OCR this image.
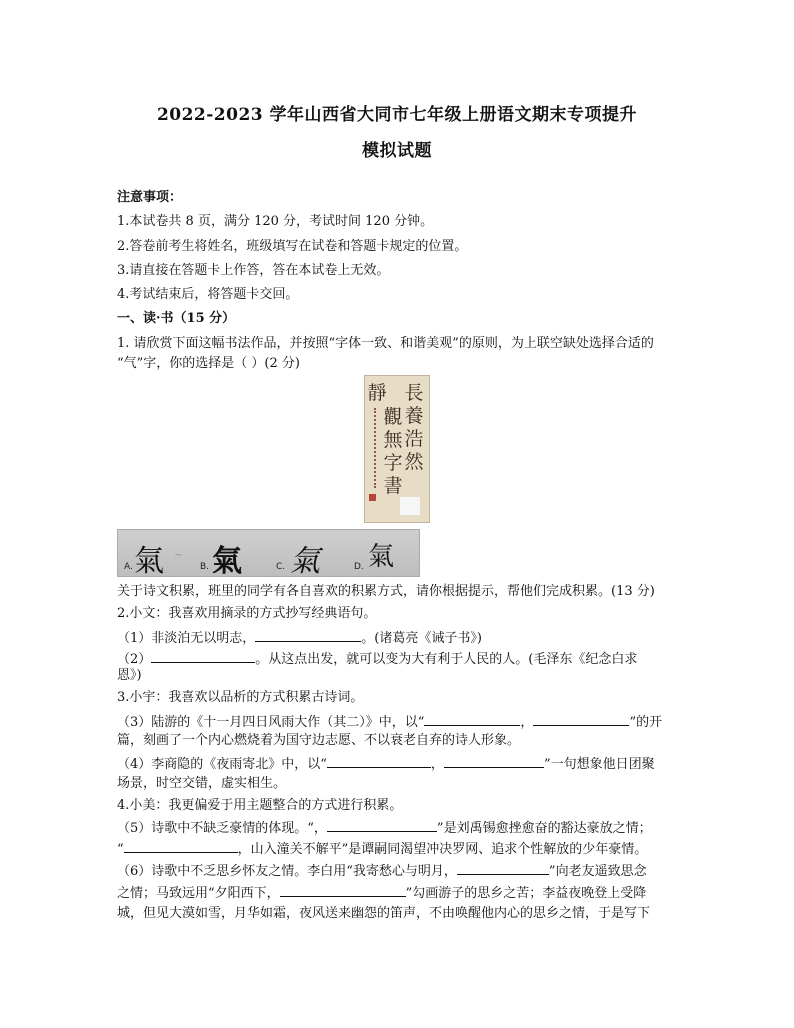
2022-2023 学年山西省大同市七年级上册语文期末专项提升
模拟试题
注意事项：
1.本试卷共 8 页，满分 120 分，考试时间 120 分钟。
2.答卷前考生将姓名，班级填写在试卷和答题卡规定的位置。
3.请直接在答题卡上作答，答在本试卷上无效。
4.考试结束后，将答题卡交回。
一、读·书（15 分）
1. 请欣赏下面这幅书法作品，并按照“字体一致、和谐美观”的原则，为上联空缺处选择合适的
“气”字，你的选择是（ ）(2 分)
長
養
浩
然
靜
觀
無
字
書
A. 氣 ~
B. 氣	C. 氣	D. 氣
关于诗文积累，班里的同学有各自喜欢的积累方式，请你根据提示，帮他们完成积累。(13 分)
2.小文：我喜欢用摘录的方式抄写经典语句。
（1）非淡泊无以明志，	。(诸葛亮《诫子书》)
（2）	。从这点出发，就可以变为大有利于人民的人。(毛泽东《纪念白求
恩》)
3.小宇：我喜欢以品析的方式积累古诗词。
（3）陆游的《十一月四日风雨大作（其二）》中，以“	，	”的开
篇，刻画了一个内心燃烧着为国守边志愿、不以衰老自弃的诗人形象。
（4）李商隐的《夜雨寄北》中，以“	，	”一句想象他日团聚
场景，时空交错，虚实相生。
4.小美：我更偏爱于用主题整合的方式进行积累。
（5）诗歌中不缺乏豪情的体现。“，	”是刘禹锡愈挫愈奋的豁达豪放之情；
“	，山入潼关不解平”是谭嗣同渴望冲决罗网、追求个性解放的少年豪情。
（6）诗歌中不乏思乡怀友之情。李白用“我寄愁心与明月，	”向老友遥致思念
之情；马致远用“夕阳西下，	”勾画游子的思乡之苦；李益夜晚登上受降
城，但见大漠如雪，月华如霜，夜风送来幽怨的笛声，不由唤醒他内心的思乡之情，于是写下
